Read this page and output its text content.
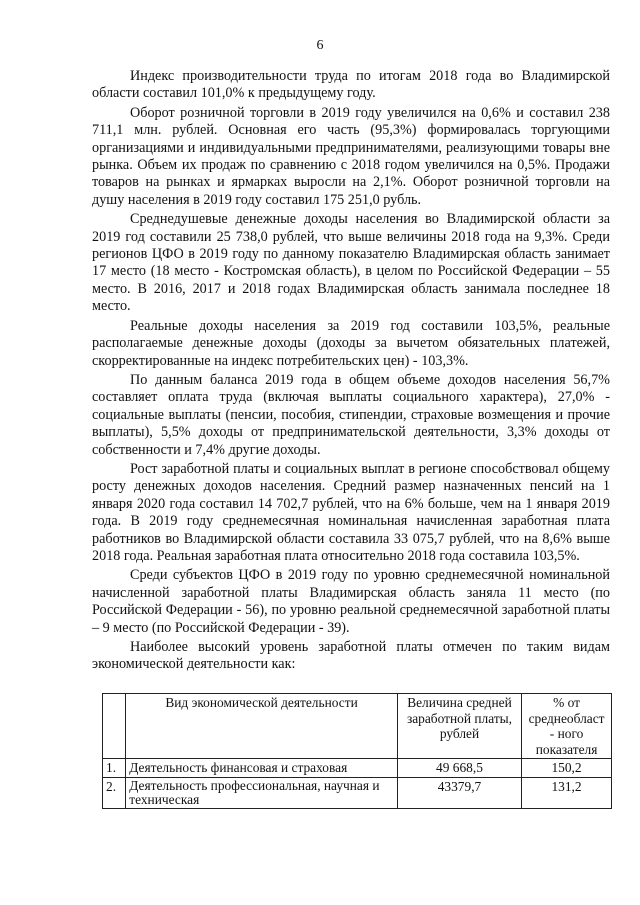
6

Индекс производительности труда по итогам 2018 года во Владимирской области составил 101,0% к предыдущему году.

Оборот розничной торговли в 2019 году увеличился на 0,6% и составил 238 711,1 млн. рублей. Основная его часть (95,3%) формировалась торгующими организациями и индивидуальными предпринимателями, реализующими товары вне рынка. Объем их продаж по сравнению с 2018 годом увеличился на 0,5%. Продажи товаров на рынках и ярмарках выросли на 2,1%. Оборот розничной торговли на душу населения в 2019 году составил 175 251,0 рубль.

Среднедушевые денежные доходы населения во Владимирской области за 2019 год составили 25 738,0 рублей, что выше величины 2018 года на 9,3%. Среди регионов ЦФО в 2019 году по данному показателю Владимирская область занимает 17 место (18 место - Костромская область), в целом по Российской Федерации – 55 место. В 2016, 2017 и 2018 годах Владимирская область занимала последнее 18 место.

Реальные доходы населения за 2019 год составили 103,5%, реальные располагаемые денежные доходы (доходы за вычетом обязательных платежей, скорректированные на индекс потребительских цен) - 103,3%.

По данным баланса 2019 года в общем объеме доходов населения 56,7% составляет оплата труда (включая выплаты социального характера), 27,0% - социальные выплаты (пенсии, пособия, стипендии, страховые возмещения и прочие выплаты), 5,5% доходы от предпринимательской деятельности, 3,3% доходы от собственности и 7,4% другие доходы.

Рост заработной платы и социальных выплат в регионе способствовал общему росту денежных доходов населения. Средний размер назначенных пенсий на 1 января 2020 года составил 14 702,7 рублей, что на 6% больше, чем на 1 января 2019 года. В 2019 году среднемесячная номинальная начисленная заработная плата работников во Владимирской области составила 33 075,7 рублей, что на 8,6% выше 2018 года. Реальная заработная плата относительно 2018 года составила 103,5%.

Среди субъектов ЦФО в 2019 году по уровню среднемесячной номинальной начисленной заработной платы Владимирская область заняла 11 место (по Российской Федерации - 56), по уровню реальной среднемесячной заработной платы – 9 место (по Российской Федерации - 39).

Наиболее высокий уровень заработной платы отмечен по таким видам экономической деятельности как:

	Вид экономической деятельности	Величина средней заработной платы, рублей	% от среднеобласт - ного показателя
1.	Деятельность финансовая и страховая	49 668,5	150,2
2.	Деятельность профессиональная, научная и техническая	43379,7	131,2
